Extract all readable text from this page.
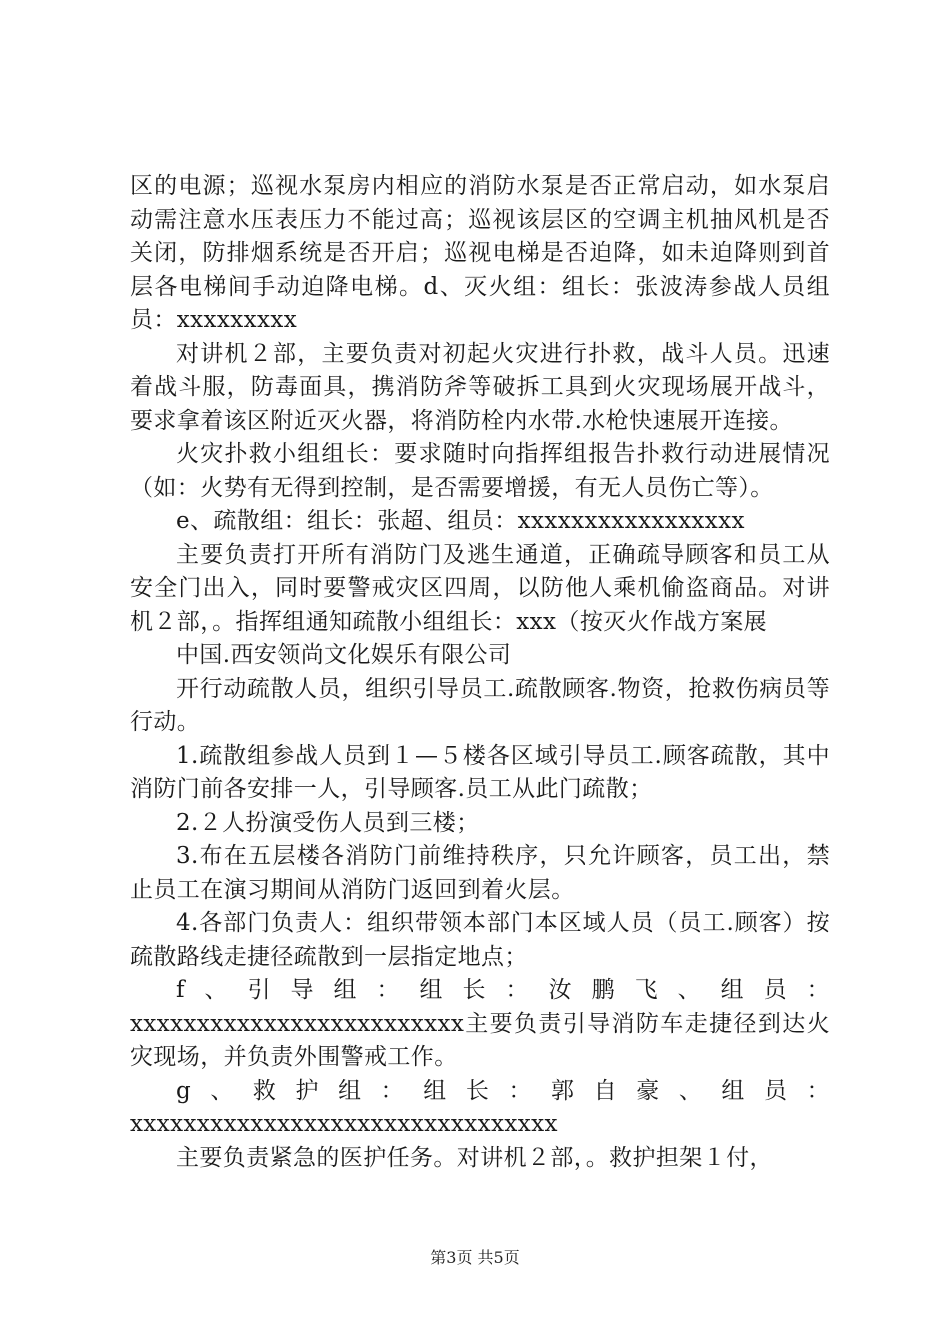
区的电源；巡视水泵房内相应的消防水泵是否正常启动，如水泵启动需注意水压表压力不能过高；巡视该层区的空调主机抽风机是否关闭，防排烟系统是否开启；巡视电梯是否迫降，如未迫降则到首层各电梯间手动迫降电梯。d、灭火组：组长：张波涛参战人员组员：xxxxxxxxx

对讲机２部，主要负责对初起火灾进行扑救，战斗人员。迅速着战斗服，防毒面具，携消防斧等破拆工具到火灾现场展开战斗，要求拿着该区附近灭火器，将消防栓内水带.水枪快速展开连接。

火灾扑救小组组长：要求随时向指挥组报告扑救行动进展情况（如：火势有无得到控制，是否需要增援，有无人员伤亡等）。

e、疏散组：组长：张超、组员：xxxxxxxxxxxxxxxxx

主要负责打开所有消防门及逃生通道，正确疏导顾客和员工从安全门出入，同时要警戒灾区四周，以防他人乘机偷盗商品。对讲机２部，。指挥组通知疏散小组组长：xxx（按灭火作战方案展

中国.西安领尚文化娱乐有限公司

开行动疏散人员，组织引导员工.疏散顾客.物资，抢救伤病员等行动。

1.疏散组参战人员到１—５楼各区域引导员工.顾客疏散，其中消防门前各安排一人，引导顾客.员工从此门疏散；

2.２人扮演受伤人员到三楼；

3.布在五层楼各消防门前维持秩序，只允许顾客，员工出，禁止员工在演习期间从消防门返回到着火层。

4.各部门负责人：组织带领本部门本区域人员（员工.顾客）按疏散路线走捷径疏散到一层指定地点；

f、引导组：组长：汝鹏飞、组员：

xxxxxxxxxxxxxxxxxxxxxxxxx主要负责引导消防车走捷径到达火灾现场，并负责外围警戒工作。

g、救护组：组长：郭自豪、组员：

xxxxxxxxxxxxxxxxxxxxxxxxxxxxxxxx

主要负责紧急的医护任务。对讲机２部，。救护担架１付，

第3页 共5页
